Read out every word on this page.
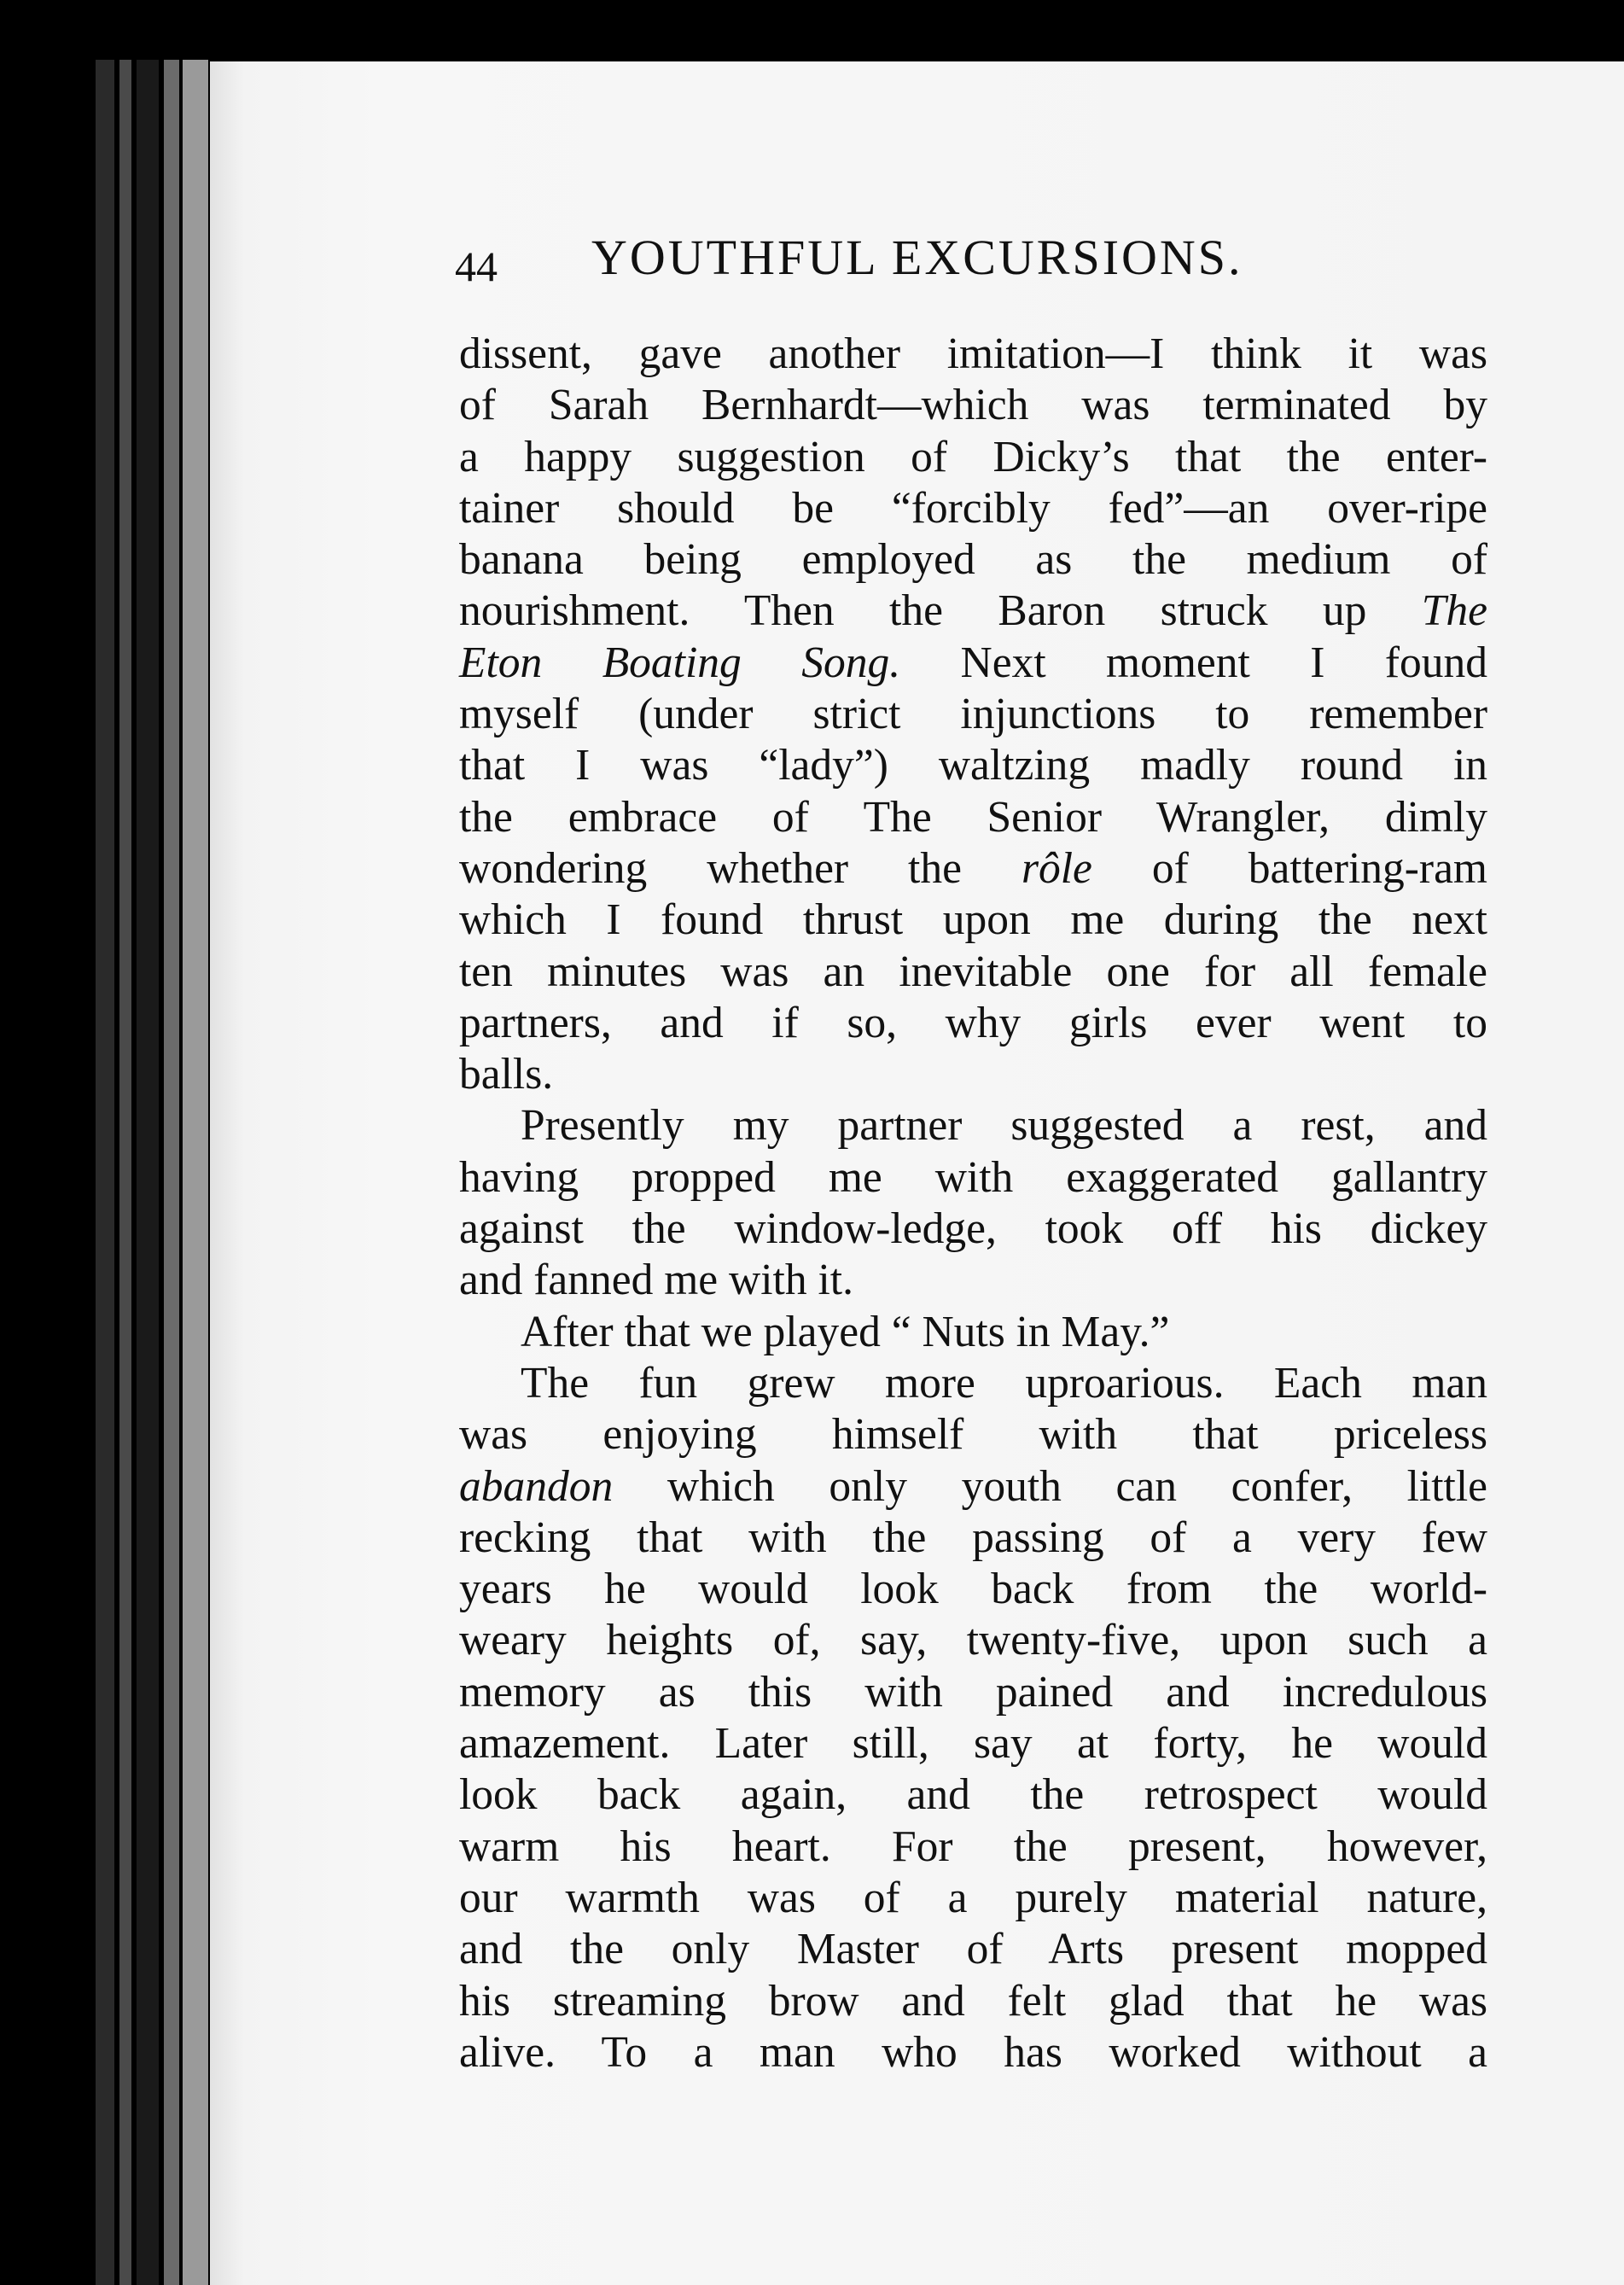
44 YOUTHFUL EXCURSIONS.
dissent, gave another imitation—I think it was
of Sarah Bernhardt—which was terminated by
a happy suggestion of Dicky’s that the enter-
tainer should be “forcibly fed”—an over-ripe
banana being employed as the medium of
nourishment. Then the Baron struck up The
Eton Boating Song. Next moment I found
myself (under strict injunctions to remember
that I was “lady”) waltzing madly round in
the embrace of The Senior Wrangler, dimly
wondering whether the rôle of battering-ram
which I found thrust upon me during the next
ten minutes was an inevitable one for all female
partners, and if so, why girls ever went to
balls.
Presently my partner suggested a rest, and
having propped me with exaggerated gallantry
against the window-ledge, took off his dickey
and fanned me with it.
After that we played “ Nuts in May.”
The fun grew more uproarious. Each man
was enjoying himself with that priceless
abandon which only youth can confer, little
recking that with the passing of a very few
years he would look back from the world-
weary heights of, say, twenty-five, upon such a
memory as this with pained and incredulous
amazement. Later still, say at forty, he would
look back again, and the retrospect would
warm his heart. For the present, however,
our warmth was of a purely material nature,
and the only Master of Arts present mopped
his streaming brow and felt glad that he was
alive. To a man who has worked without a
